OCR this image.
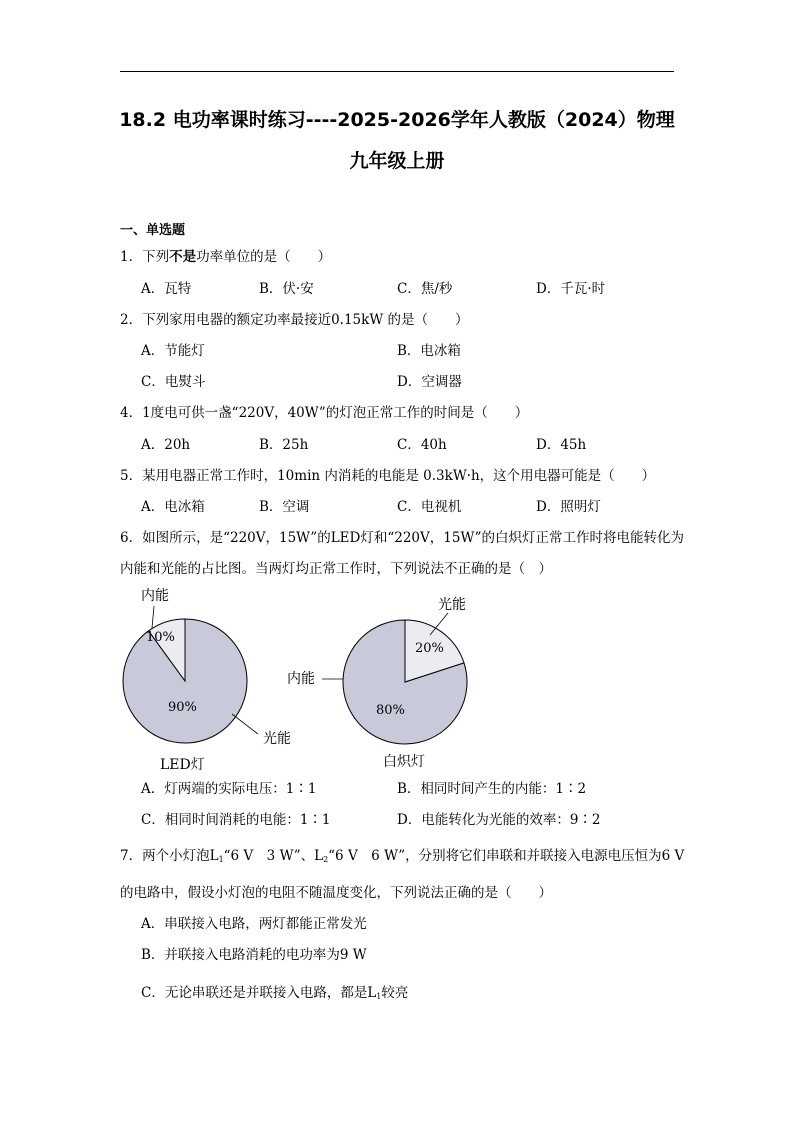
18.2 电功率课时练习----2025-2026学年人教版（2024）物理
九年级上册
一、单选题
1．下列不是功率单位的是（　　）
A．瓦特	B．伏·安	C．焦/秒	D．千瓦·时
2．下列家用电器的额定功率最接近0.15kW 的是（　　）
A．节能灯	B．电冰箱
C．电熨斗	D．空调器
4．1度电可供一盏“220V，40W”的灯泡正常工作的时间是（　　）
A．20h	B．25h	C．40h	D．45h
5．某用电器正常工作时，10min 内消耗的电能是 0.3kW·h，这个用电器可能是（　　）
A．电冰箱	B．空调	C．电视机	D．照明灯
6．如图所示，是“220V，15W”的LED灯和“220V，15W”的白炽灯正常工作时将电能转化为
内能和光能的占比图。当两灯均正常工作时，下列说法不正确的是（　）
10%
90%
内能
光能
LED灯
20%
80%
光能
内能
白炽灯
A．灯两端的实际电压：1∶1	B．相同时间产生的内能：1∶2
C．相同时间消耗的电能：1∶1	D．电能转化为光能的效率：9∶2
7．两个小灯泡$L_1“6$ V　3 W”、$L_2“6$ V　6 W”，分别将它们串联和并联接入电源电压恒为6 V
的电路中，假设小灯泡的电阻不随温度变化，下列说法正确的是（　　）
A．串联接入电路，两灯都能正常发光
B．并联接入电路消耗的电功率为9 W
C．无论串联还是并联接入电路，都是$L_1$较亮
